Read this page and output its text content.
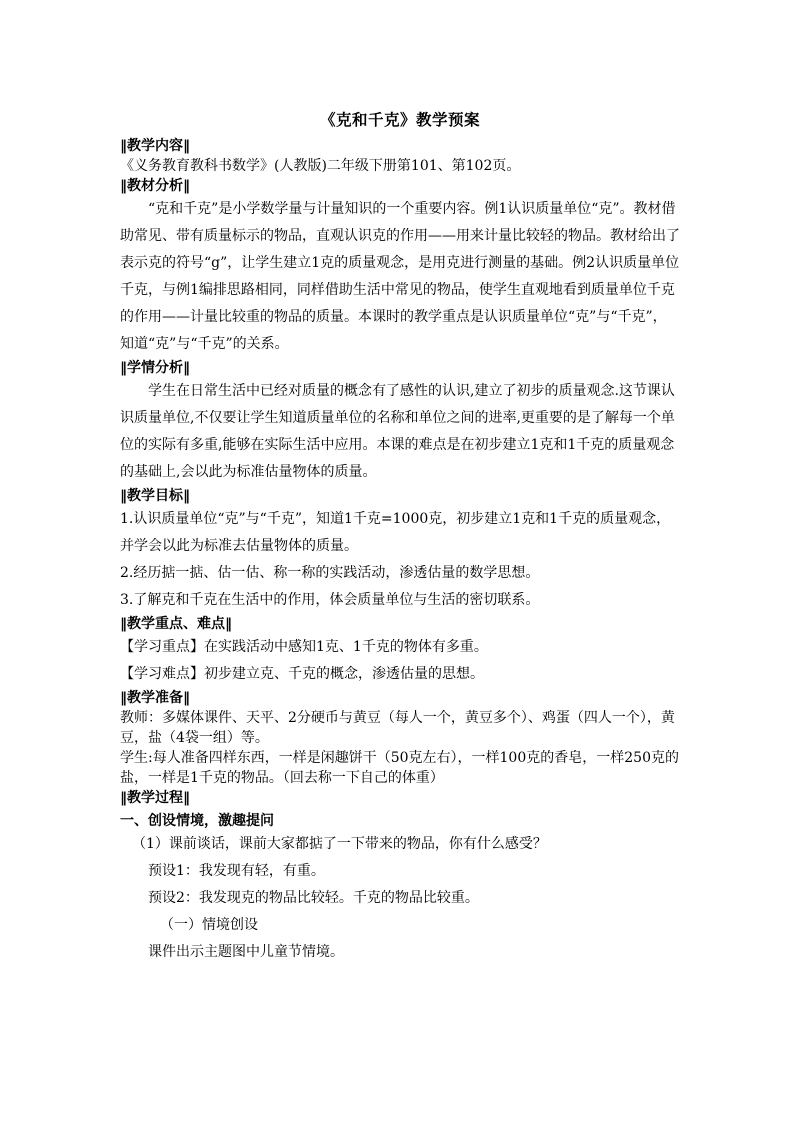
《克和千克》教学预案
‖教学内容‖
《义务教育教科书数学》(人教版)二年级下册第101、第102页。
‖教材分析‖
“克和千克”是小学数学量与计量知识的一个重要内容。例1认识质量单位“克”。教材借助常见、带有质量标示的物品，直观认识克的作用——用来计量比较轻的物品。教材给出了表示克的符号“g”，让学生建立1克的质量观念，是用克进行测量的基础。例2认识质量单位千克，与例1编排思路相同，同样借助生活中常见的物品，使学生直观地看到质量单位千克的作用——计量比较重的物品的质量。本课时的教学重点是认识质量单位“克”与“千克”，知道“克”与“千克”的关系。
‖学情分析‖
学生在日常生活中已经对质量的概念有了感性的认识,建立了初步的质量观念.这节课认识质量单位,不仅要让学生知道质量单位的名称和单位之间的进率,更重要的是了解每一个单位的实际有多重,能够在实际生活中应用。本课的难点是在初步建立1克和1千克的质量观念的基础上,会以此为标准估量物体的质量。
‖教学目标‖
1.认识质量单位“克”与“千克”，知道1千克=1000克，初步建立1克和1千克的质量观念，并学会以此为标准去估量物体的质量。
2.经历掂一掂、估一估、称一称的实践活动，渗透估量的数学思想。
3.了解克和千克在生活中的作用，体会质量单位与生活的密切联系。
‖教学重点、难点‖
【学习重点】在实践活动中感知1克、1千克的物体有多重。
【学习难点】初步建立克、千克的概念，渗透估量的思想。
‖教学准备‖
教师：多媒体课件、天平、2分硬币与黄豆（每人一个，黄豆多个）、鸡蛋（四人一个），黄豆，盐（4袋一组）等。
学生:每人准备四样东西，一样是闲趣饼干（50克左右），一样100克的香皂，一样250克的盐，一样是1千克的物品。（回去称一下自己的体重）
‖教学过程‖
一、创设情境，激趣提问
（1）课前谈话，课前大家都掂了一下带来的物品，你有什么感受？
预设1：我发现有轻，有重。
预设2：我发现克的物品比较轻。千克的物品比较重。
（一）情境创设
课件出示主题图中儿童节情境。
